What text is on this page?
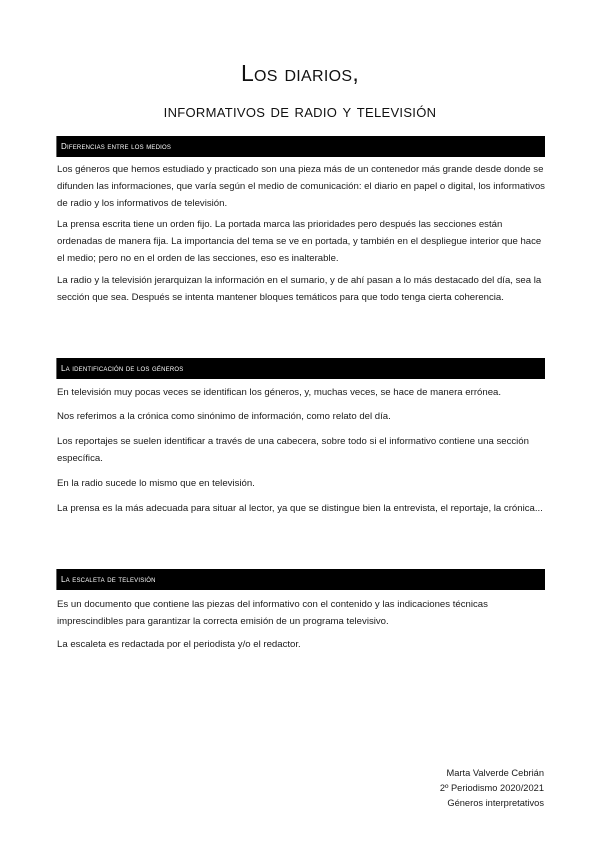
Los diarios,
informativos de radio y televisión
Diferencias entre los medios

Los géneros que hemos estudiado y practicado son una pieza más de un contenedor más grande desde donde se difunden las informaciones, que varía según el medio de comunicación: el diario en papel o digital, los informativos de radio y los informativos de televisión.

La prensa escrita tiene un orden fijo. La portada marca las prioridades pero después las secciones están ordenadas de manera fija. La importancia del tema se ve en portada, y también en el despliegue interior que hace el medio; pero no en el orden de las secciones, eso es inalterable.

La radio y la televisión jerarquizan la información en el sumario, y de ahí pasan a lo más destacado del día, sea la sección que sea. Después se intenta mantener bloques temáticos para que todo tenga cierta coherencia.

La identificación de los géneros

En televisión muy pocas veces se identifican los géneros, y, muchas veces, se hace de manera errónea.

Nos referimos a la crónica como sinónimo de información, como relato del día.

Los reportajes se suelen identificar a través de una cabecera, sobre todo si el informativo contiene una sección específica.

En la radio sucede lo mismo que en televisión.

La prensa es la más adecuada para situar al lector, ya que se distingue bien la entrevista, el reportaje, la crónica...

La escaleta de televisión

Es un documento que contiene las piezas del informativo con el contenido y las indicaciones técnicas imprescindibles para garantizar la correcta emisión de un programa televisivo.

La escaleta es redactada por el periodista y/o el redactor.

Marta Valverde Cebrián
2º Periodismo 2020/2021
Géneros interpretativos
